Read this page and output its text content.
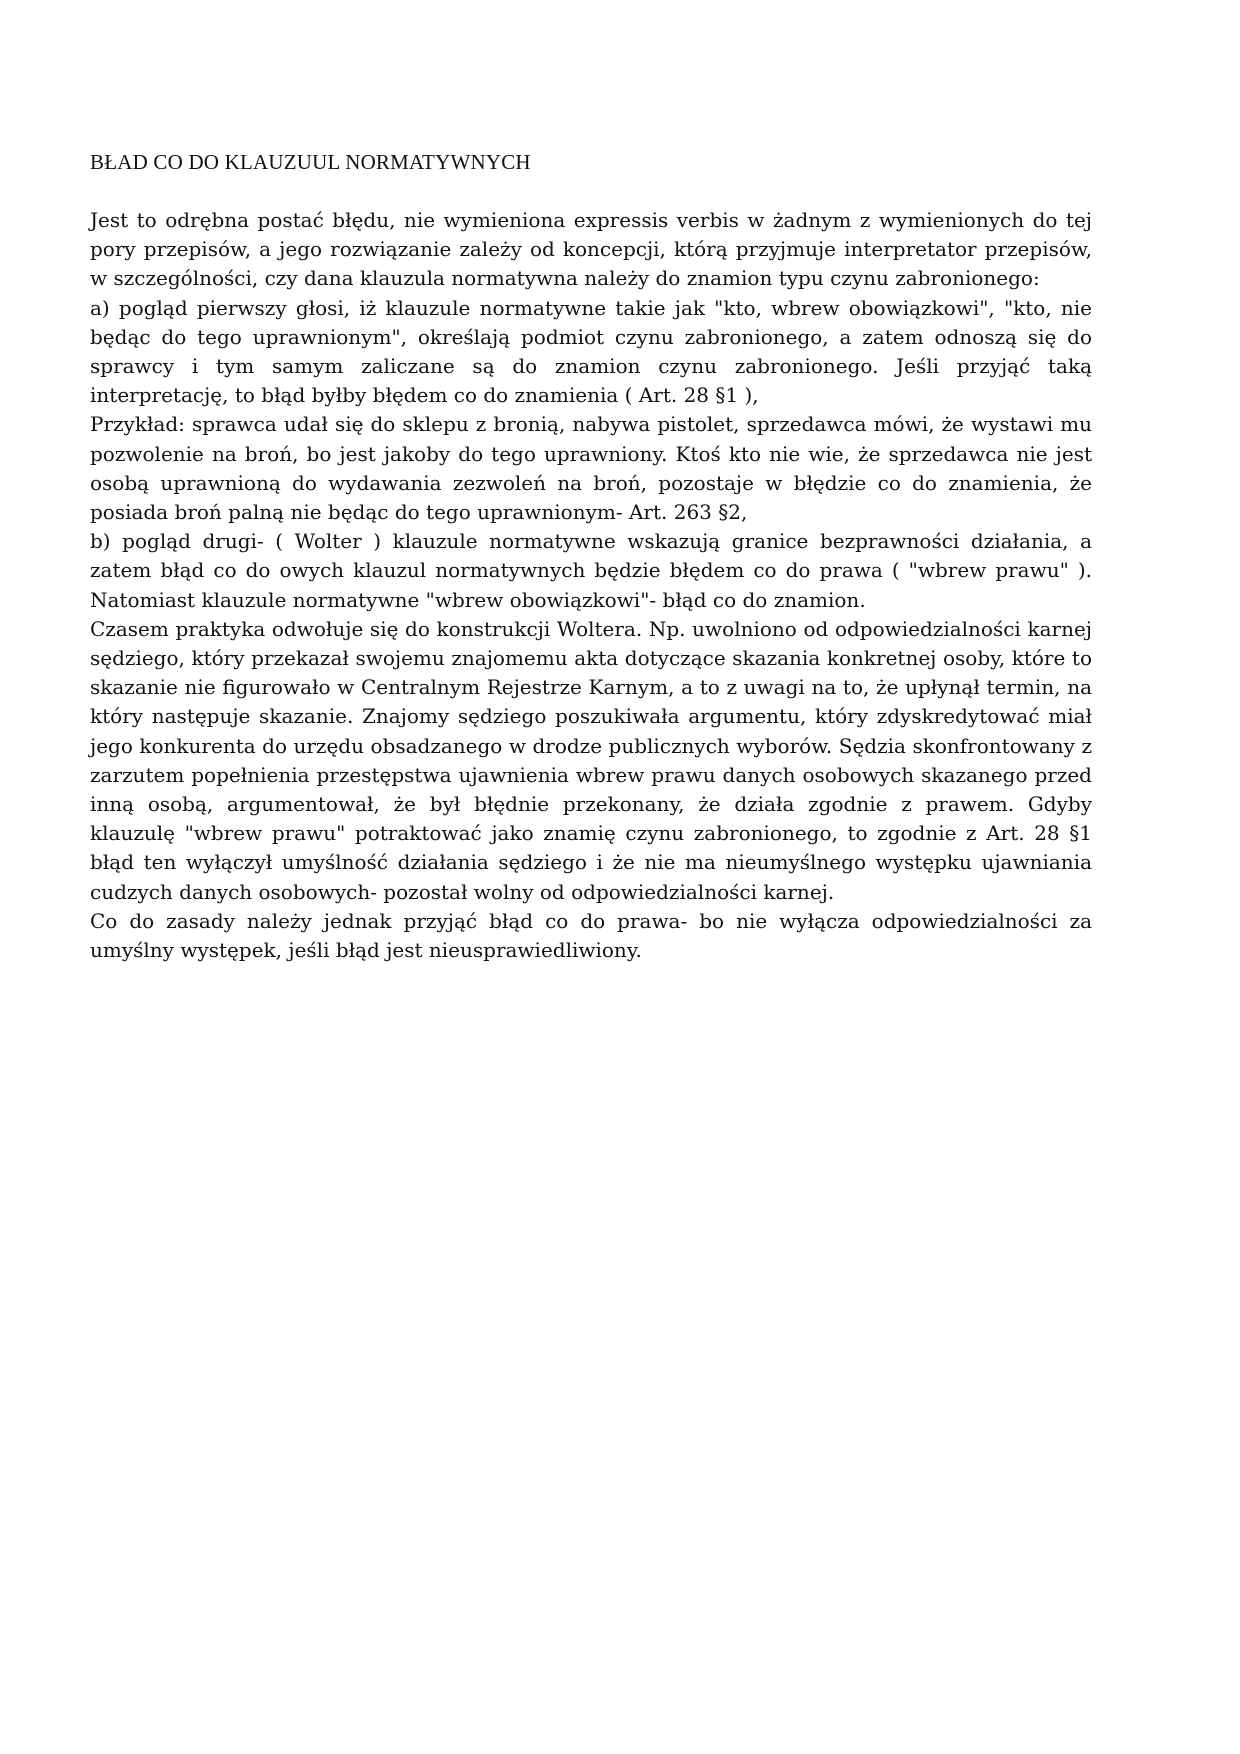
BŁAD CO DO KLAUZUUL NORMATYWNYCH

Jest to odrębna postać błędu, nie wymieniona expressis verbis w żadnym z wymienionych do tej pory przepisów, a jego rozwiązanie zależy od koncepcji, którą przyjmuje interpretator przepisów, w szczególności, czy dana klauzula normatywna należy do znamion typu czynu zabronionego:

a) pogląd pierwszy głosi, iż klauzule normatywne takie jak "kto, wbrew obowiązkowi", "kto, nie będąc do tego uprawnionym", określają podmiot czynu zabronionego, a zatem odnoszą się do sprawcy i tym samym zaliczane są do znamion czynu zabronionego. Jeśli przyjąć taką interpretację, to błąd byłby błędem co do znamienia ( Art. 28 §1 ),

Przykład: sprawca udał się do sklepu z bronią, nabywa pistolet, sprzedawca mówi, że wystawi mu pozwolenie na broń, bo jest jakoby do tego uprawniony. Ktoś kto nie wie, że sprzedawca nie jest osobą uprawnioną do wydawania zezwoleń na broń, pozostaje w błędzie co do znamienia, że posiada broń palną nie będąc do tego uprawnionym- Art. 263 §2,

b) pogląd drugi- ( Wolter ) klauzule normatywne wskazują granice bezprawności działania, a zatem błąd co do owych klauzul normatywnych będzie błędem co do prawa ( "wbrew prawu" ). Natomiast klauzule normatywne "wbrew obowiązkowi"- błąd co do znamion.

Czasem praktyka odwołuje się do konstrukcji Woltera. Np. uwolniono od odpowiedzialności karnej sędziego, który przekazał swojemu znajomemu akta dotyczące skazania konkretnej osoby, które to skazanie nie figurowało w Centralnym Rejestrze Karnym, a to z uwagi na to, że upłynął termin, na który następuje skazanie. Znajomy sędziego poszukiwała argumentu, który zdyskredytować miał jego konkurenta do urzędu obsadzanego w drodze publicznych wyborów. Sędzia skonfrontowany z zarzutem popełnienia przestępstwa ujawnienia wbrew prawu danych osobowych skazanego przed inną osobą, argumentował, że był błędnie przekonany, że działa zgodnie z prawem. Gdyby klauzulę "wbrew prawu" potraktować jako znamię czynu zabronionego, to zgodnie z Art. 28 §1 błąd ten wyłączył umyślność działania sędziego i że nie ma nieumyślnego występku ujawniania cudzych danych osobowych- pozostał wolny od odpowiedzialności karnej.

Co do zasady należy jednak przyjąć błąd co do prawa- bo nie wyłącza odpowiedzialności za umyślny występek, jeśli błąd jest nieusprawiedliwiony.
